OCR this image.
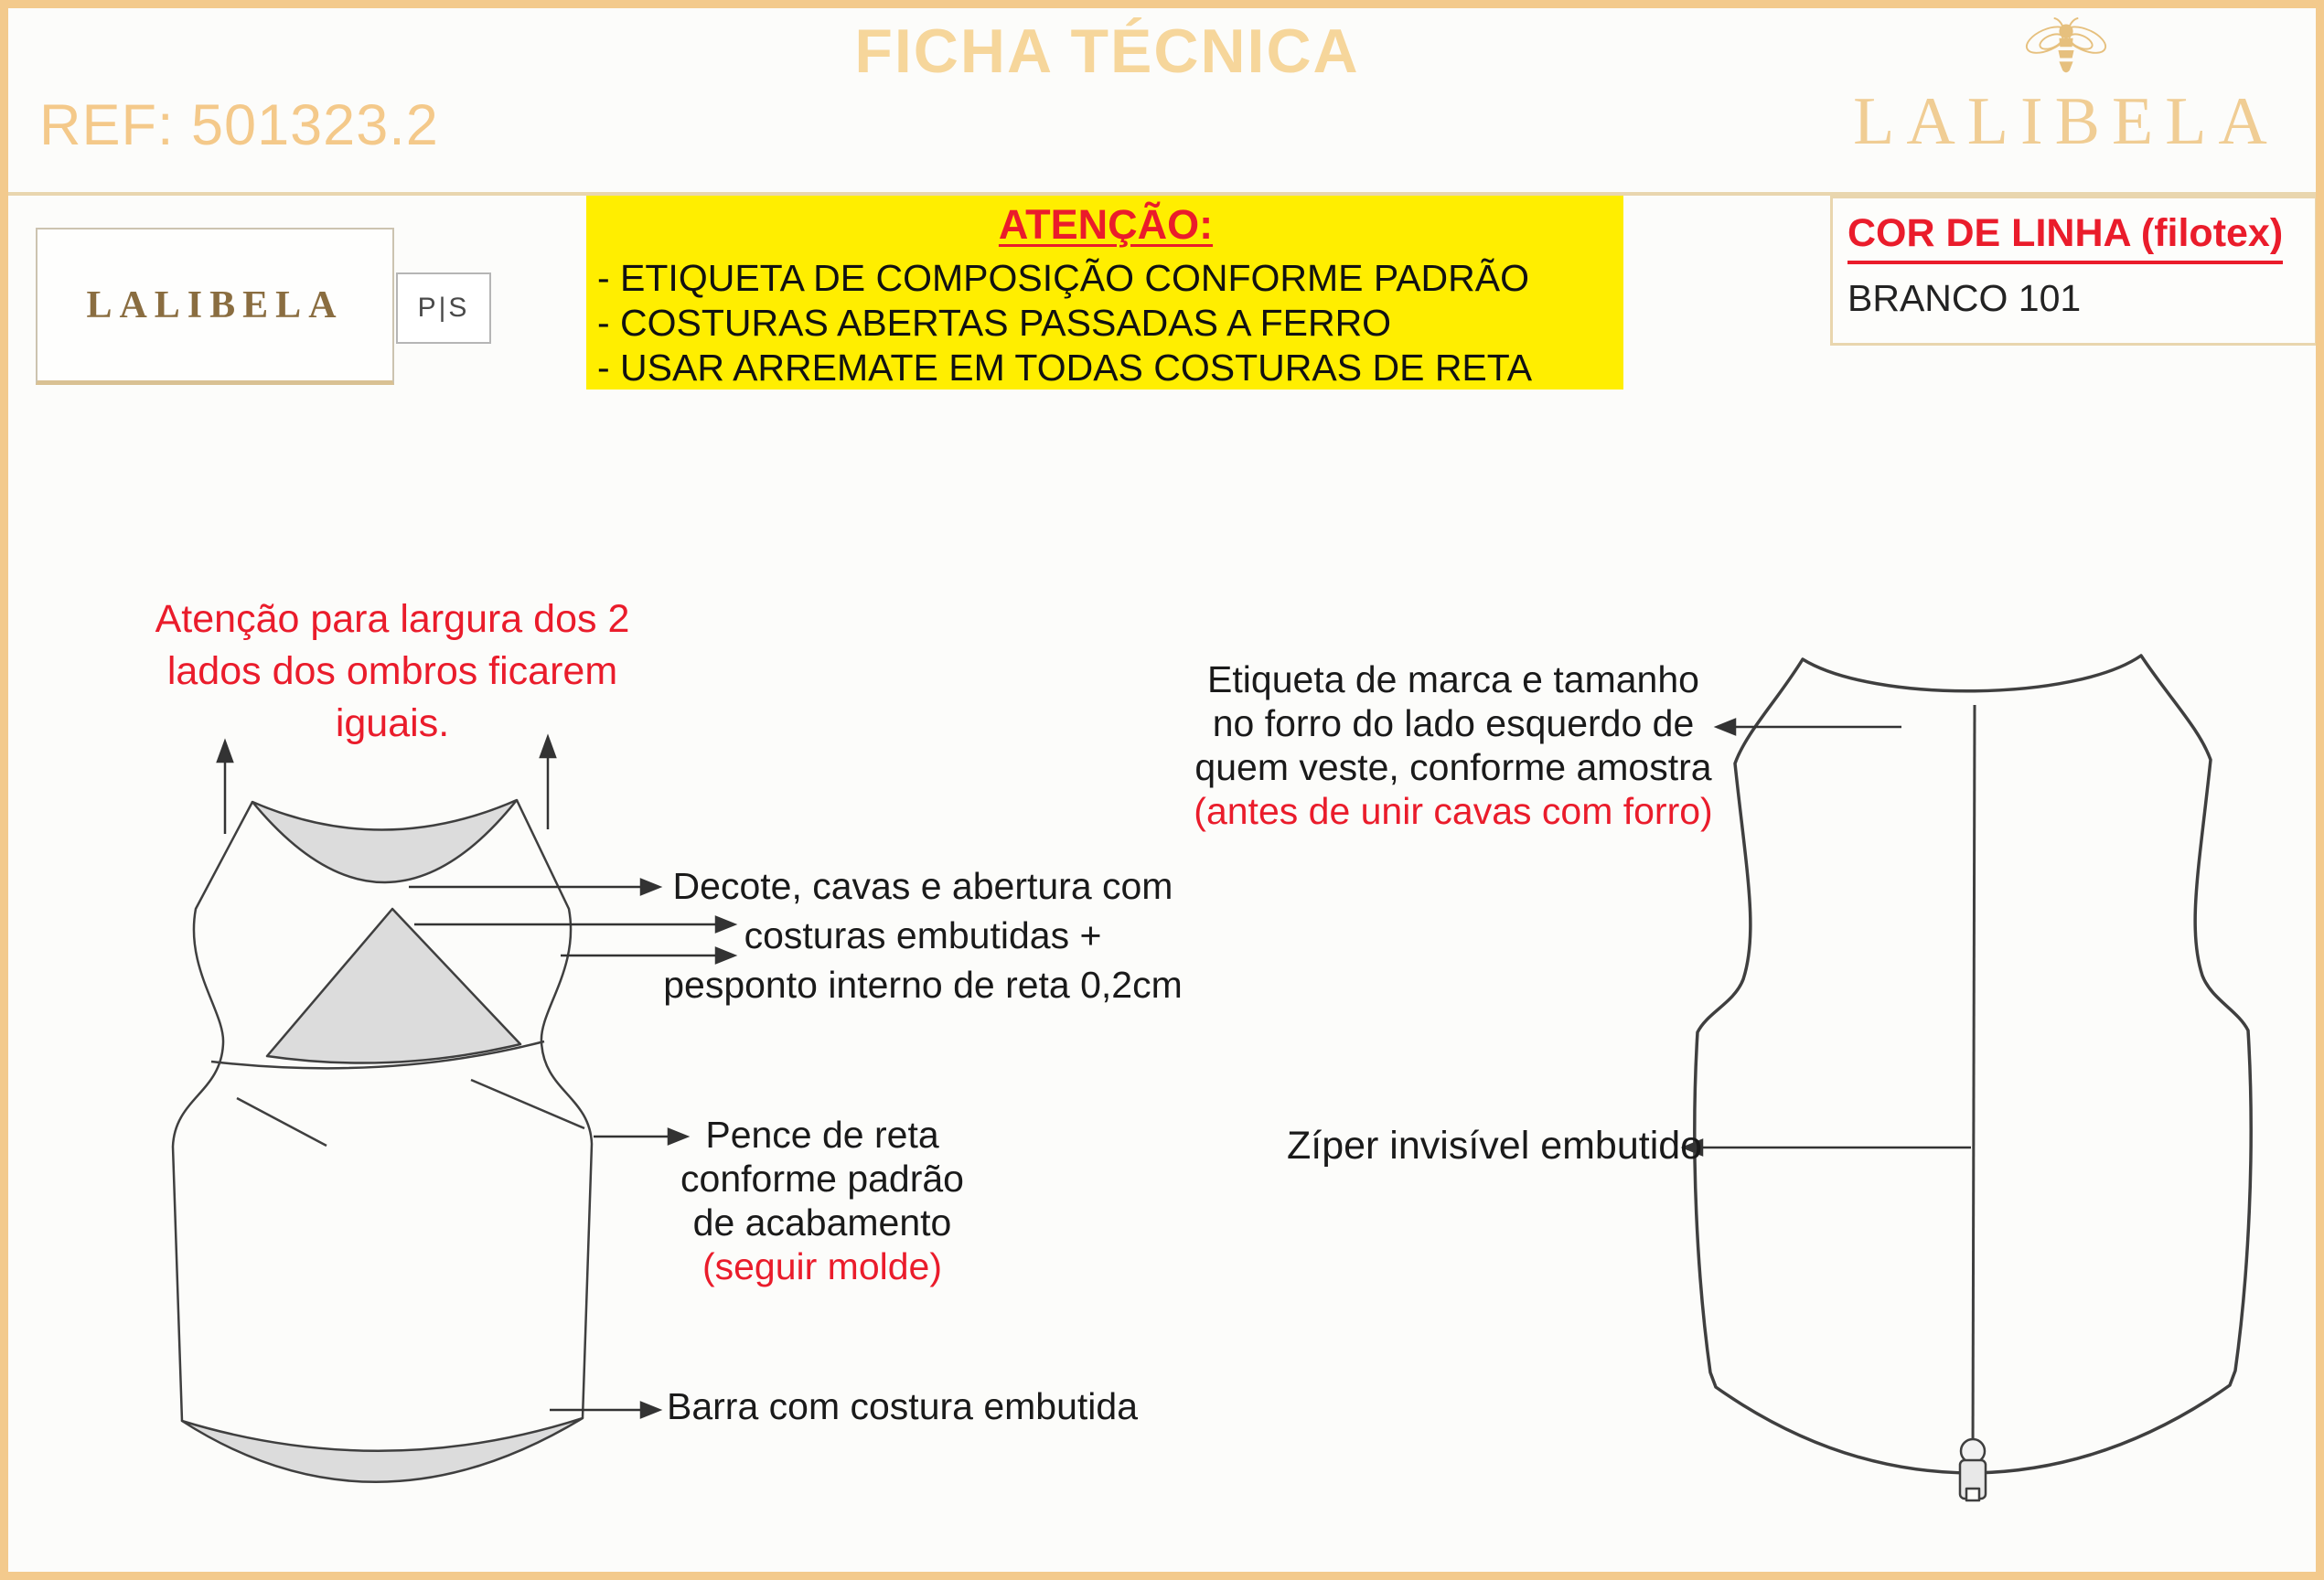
REF: 501323.2
FICHA TÉCNICA
LALIBELA
LALIBELA	P|S
ATENÇÃO:
- ETIQUETA DE COMPOSIÇÃO CONFORME PADRÃO
- COSTURAS ABERTAS PASSADAS A FERRO
- USAR ARREMATE EM TODAS COSTURAS DE RETA
COR DE LINHA (filotex)
BRANCO 101
Atenção para largura dos 2
lados dos ombros ficarem iguais.
Decote, cavas e abertura com
costuras embutidas +
pesponto interno de reta 0,2cm
Pence de reta
conforme padrão
de acabamento
(seguir molde)
Barra com costura embutida
Etiqueta de marca e tamanho
no forro do lado esquerdo de
quem veste, conforme amostra
(antes de unir cavas com forro)
Zíper invisível embutido
